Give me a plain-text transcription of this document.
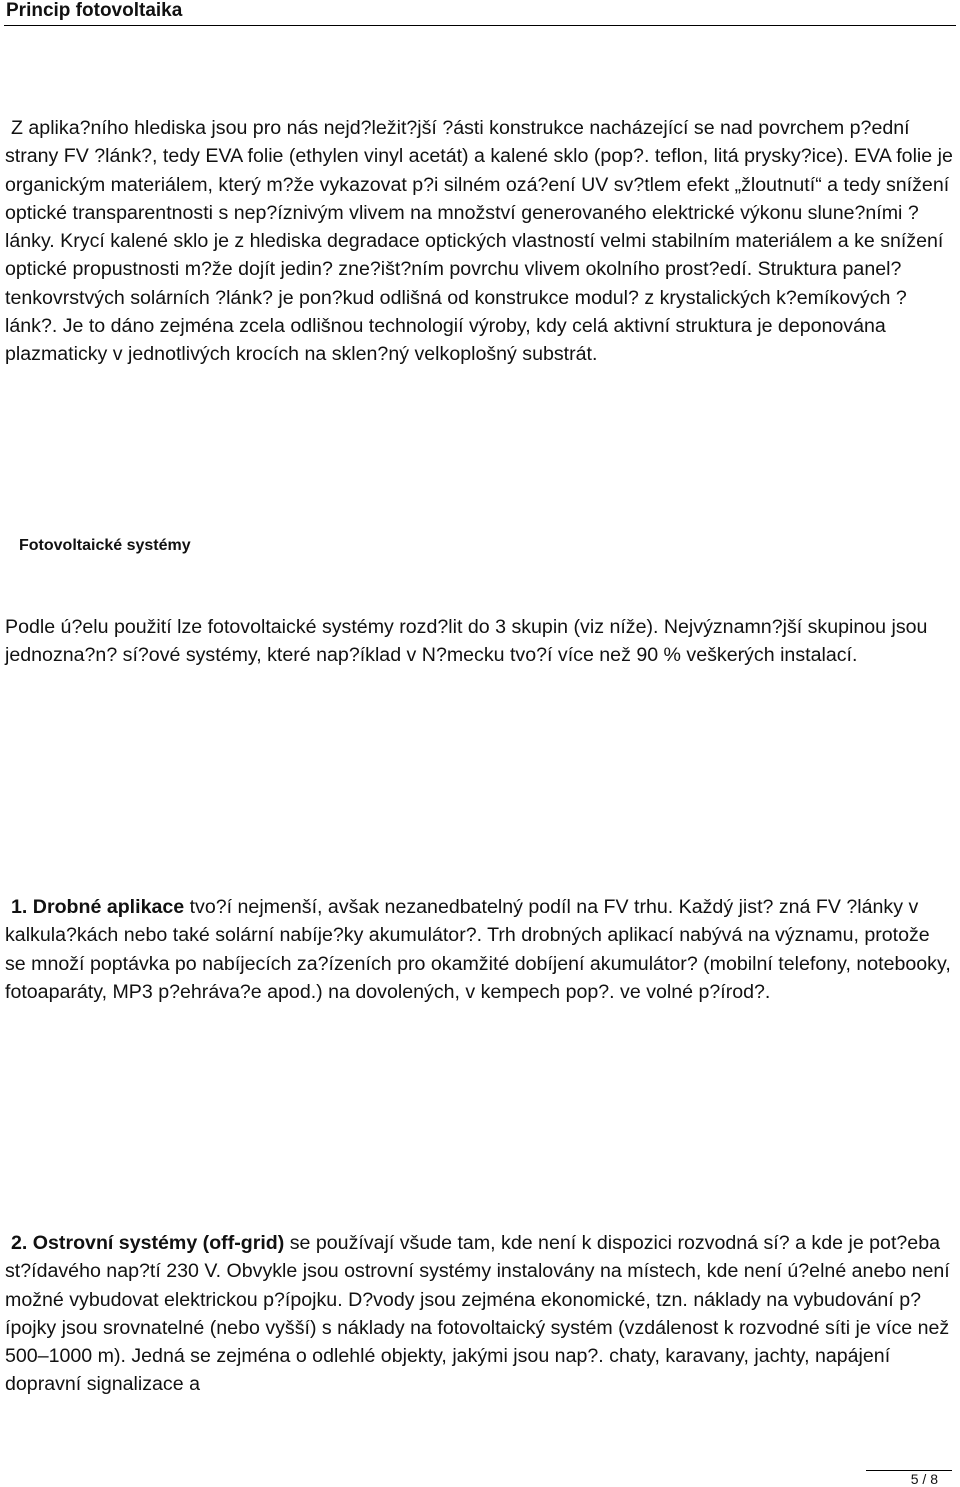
Princip fotovoltaika

Z aplika?ního hlediska jsou pro nás nejd?ležit?jší ?ásti konstrukce nacházející se nad povrchem p?ední strany FV ?lánk?, tedy EVA folie (ethylen vinyl acetát) a kalené sklo (pop?. teflon, litá prysky?ice). EVA folie je organickým materiálem, který m?že vykazovat p?i silném ozá?ení UV sv?tlem efekt „žloutnutí“ a tedy snížení optické transparentnosti s nep?íznivým vlivem na množství generovaného elektrické výkonu slune?ními ?lánky. Krycí kalené sklo je z hlediska degradace optických vlastností velmi stabilním materiálem a ke snížení optické propustnosti m?že dojít jedin? zne?išt?ním povrchu vlivem okolního prost?edí. Struktura panel? tenkovrstvých solárních ?lánk? je pon?kud odlišná od konstrukce modul? z krystalických k?emíkových ?lánk?. Je to dáno zejména zcela odlišnou technologií výroby, kdy celá aktivní struktura je deponována plazmaticky v jednotlivých krocích na sklen?ný velkoplošný substrát.

Fotovoltaické systémy

Podle ú?elu použití lze fotovoltaické systémy rozd?lit do 3 skupin (viz níže). Nejvýznamn?jší skupinou jsou jednozna?n? sí?ové systémy, které nap?íklad v N?mecku tvo?í více než 90 % veškerých instalací.

1. Drobné aplikace tvo?í nejmenší, avšak nezanedbatelný podíl na FV trhu. Každý jist? zná FV ?lánky v kalkula?kách nebo také solární nabíje?ky akumulátor?. Trh drobných aplikací nabývá na významu, protože se množí poptávka po nabíjecích za?ízeních pro okamžité dobíjení akumulátor? (mobilní telefony, notebooky, fotoaparáty, MP3 p?ehráva?e apod.) na dovolených, v kempech pop?. ve volné p?írod?.

2. Ostrovní systémy (off-grid) se používají všude tam, kde není k dispozici rozvodná sí? a kde je pot?eba st?ídavého nap?tí 230 V. Obvykle jsou ostrovní systémy instalovány na místech, kde není ú?elné anebo není možné vybudovat elektrickou p?ípojku. D?vody jsou zejména ekonomické, tzn. náklady na vybudování p?ípojky jsou srovnatelné (nebo vyšší) s náklady na fotovoltaický systém (vzdálenost k rozvodné síti je více než 500–1000 m). Jedná se zejména o odlehlé objekty, jakými jsou nap?. chaty, karavany, jachty, napájení dopravní signalizace a

5 / 8
